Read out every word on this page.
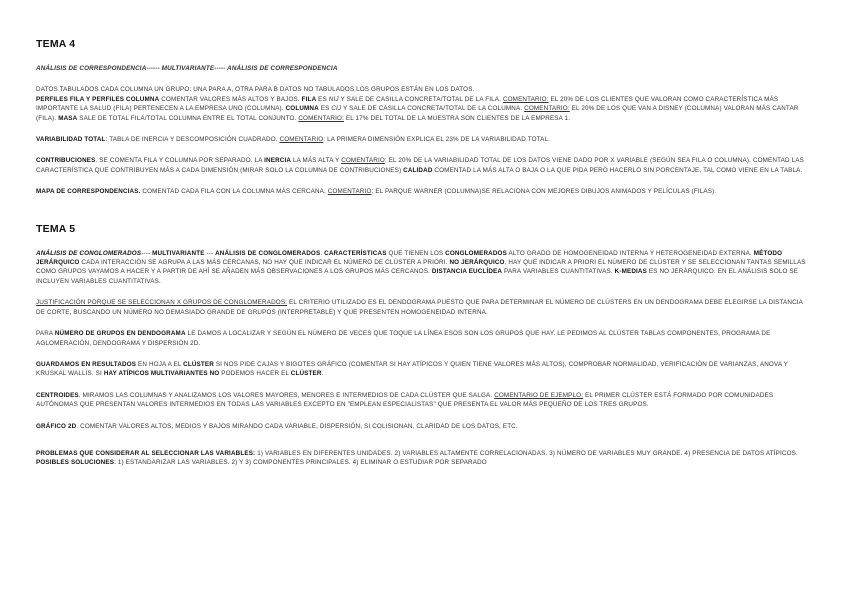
TEMA 4

ANÁLISIS DE CORRESPONDENCIA------ MULTIVARIANTE----- ANÁLISIS DE CORRESPONDENCIA

DATOS TABULADOS CADA COLUMNA UN GRUPO: UNA PARA A, OTRA PARA B DATOS NO TABULADOS LOS GRUPOS ESTÁN EN LOS DATOS.

PERFILES FILA Y PERFILES COLUMNA COMENTAR VALORES MÁS ALTOS Y BAJOS. FILA ES NIJ Y SALE DE CASILLA CONCRETA/TOTAL DE LA FILA. COMENTARIO: EL 20% DE LOS CLIENTES QUE VALORAN COMO CARACTERÍSTICA MÁS IMPORTANTE LA SALUD (FILA) PERTENECEN A LA EMPRESA UNO (COLUMNA). COLUMNA ES CIJ Y SALE DE CASILLA CONCRETA/TOTAL DE LA COLUMNA. COMENTARIO: EL 20% DE LOS QUE VAN A DISNEY (COLUMNA) VALORAN MÁS CANTAR (FILA). MASA SALE DE TOTAL FILA/TOTAL COLUMNA ENTRE EL TOTAL CONJUNTO. COMENTARIO: EL 17% DEL TOTAL DE LA MUESTRA SON CLIENTES DE LA EMPRESA 1.

VARIABILIDAD TOTAL: TABLA DE INERCIA Y DESCOMPOSICIÓN CUADRADO. COMENTARIO: LA PRIMERA DIMENSIÓN EXPLICA EL 23% DE LA VARIABILIDAD TOTAL.

CONTRIBUCIONES. SE COMENTA FILA Y COLUMNA POR SEPARADO. LA INERCIA LA MÁS ALTA Y COMENTARIO: EL 20% DE LA VARIABILIDAD TOTAL DE LOS DATOS VIENE DADO POR X VARIABLE (SEGÚN SEA FILA O COLUMNA). COMENTAD LAS CARACTERÍSTICA QUE CONTRIBUYEN MÁS A CADA DIMENSIÓN (MIRAR SOLO LA COLUMNA DE CONTRIBUCIONES) CALIDAD COMENTAD LA MÁS ALTA O BAJA O LA QUE PIDA PERO HACERLO SIN PORCENTAJE, TAL COMO VIENE EN LA TABLA.

MAPA DE CORRESPONDENCIAS. COMENTAD CADA FILA CON LA COLUMNA MÁS CERCANA. COMENTARIO: EL PARQUE WARNER (COLUMNA)SE RELACIONA CON MEJORES DIBUJOS ANIMADOS Y PELÍCULAS (FILAS).

TEMA 5

ANÁLISIS DE CONGLOMERADOS---- MULTIVARIANTE --- ANÁLISIS DE CONGLOMERADOS. CARACTERÍSTICAS QUE TIENEN LOS CONGLOMERADOS ALTO GRADO DE HOMOGENEIDAD INTERNA Y HETEROGENEIDAD EXTERNA. MÉTODO JERÁRQUICO CADA INTERACCIÓN SE AGRUPA A LAS MÁS CERCANAS, NO HAY QUE INDICAR EL NÚMERO DE CLÚSTER A PRIORI. NO JERÁRQUICO, HAY QUE INDICAR A PRIORI EL NÚMERO DE CLÚSTER Y SE SELECCIONAN TANTAS SEMILLAS COMO GRUPOS VAYAMOS A HACER Y A PARTIR DE AHÍ SE AÑADEN MÁS OBSERVACIONES A LOS GRUPOS MÁS CERCANOS. DISTANCIA EUCLÍDEA PARA VARIABLES CUANTITATIVAS. K-MEDIAS ES NO JERÁRQUICO. EN EL ANÁLISIS SOLO SE INCLUYEN VARIABLES CUANTITATIVAS.

JUSTIFICACIÓN PORQUE SE SELECCIONAN X GRUPOS DE CONGLOMERADOS: EL CRITERIO UTILIZADO ES EL DENDOGRAMA PUESTO QUE PARA DETERMINAR EL NÚMERO DE CLÚSTERS EN UN DENDOGRAMA DEBE ELEGIRSE LA DISTANCIA DE CORTE, BUSCANDO UN NÚMERO NO DEMASIADO GRANDE DE GRUPOS (INTERPRETABLE) Y QUE PRESENTEN HOMOGENEIDAD INTERNA.

PARA NÚMERO DE GRUPOS EN DENDOGRAMA LE DAMOS A LOCALIZAR Y SEGÚN EL NÚMERO DE VECES QUE TOQUE LA LÍNEA ESOS SON LOS GRUPOS QUE HAY. LE PEDIMOS AL CLÚSTER TABLAS COMPONENTES, PROGRAMA DE AGLOMERACIÓN, DENDOGRAMA Y DISPERSIÓN 2D.

GUARDAMOS EN RESULTADOS EN HOJA A EL CLÚSTER SI NOS PIDE CAJAS Y BIGOTES GRÁFICO (COMENTAR SI HAY ATÍPICOS Y QUIEN TIENE VALORES MÁS ALTOS), COMPROBAR NORMALIDAD, VERIFICACIÓN DE VARIANZAS, ANOVA Y KRUSKAL WALLIS. SI HAY ATÍPICOS MULTIVARIANTES NO PODEMOS HACER EL CLÚSTER.

CENTROIDES. MIRAMOS LAS COLUMNAS Y ANALIZAMOS LOS VALORES MAYORES, MENORES E INTERMEDIOS DE CADA CLÚSTER QUE SALGA. COMENTARIO DE EJEMPLO: EL PRIMER CLÚSTER ESTÁ FORMADO POR COMUNIDADES AUTÓNOMAS QUE PRESENTAN VALORES INTERMEDIOS EN TODAS LAS VARIABLES EXCEPTO EN "EMPLEAN ESPECIALISTAS" QUE PRESENTA EL VALOR MÁS PEQUEÑO DE LOS TRES GRUPOS.

GRÁFICO 2D. COMENTAR VALORES ALTOS, MEDIOS Y BAJOS MIRANDO CADA VARIABLE, DISPERSIÓN, SI COLISIONAN, CLARIDAD DE LOS DATOS, ETC.

PROBLEMAS QUE CONSIDERAR AL SELECCIONAR LAS VARIABLES: 1) VARIABLES EN DIFERENTES UNIDADES. 2) VARIABLES ALTAMENTE CORRELACIONADAS. 3) NÚMERO DE VARIABLES MUY GRANDE. 4) PRESENCIA DE DATOS ATÍPICOS. POSIBLES SOLUCIONES: 1) ESTANDARIZAR LAS VARIABLES. 2) Y 3) COMPONENTES PRINCIPALES. 4) ELIMINAR O ESTUDIAR POR SEPARADO
